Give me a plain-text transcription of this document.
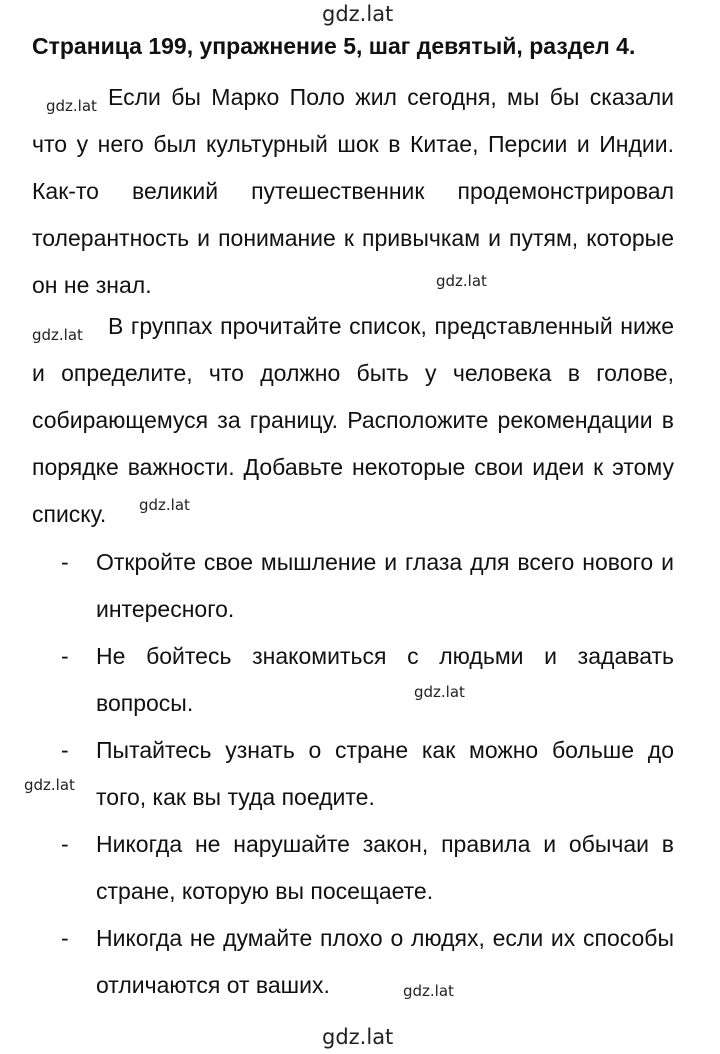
gdz.lat
Страница 199, упражнение 5, шаг девятый, раздел 4.
Если бы Марко Поло жил сегодня, мы бы сказали что у него был культурный шок в Китае, Персии и Индии. Как-то великий путешественник продемонстрировал толерантность и понимание к привычкам и путям, которые он не знал.
В группах прочитайте список, представленный ниже и определите, что должно быть у человека в голове, собирающемуся за границу. Расположите рекомендации в порядке важности. Добавьте некоторые свои идеи к этому списку.
- Откройте свое мышление и глаза для всего нового и интересного.
- Не бойтесь знакомиться с людьми и задавать вопросы.
- Пытайтесь узнать о стране как можно больше до того, как вы туда поедите.
- Никогда не нарушайте закон, правила и обычаи в стране, которую вы посещаете.
- Никогда не думайте плохо о людях, если их способы отличаются от ваших.
gdz.lat
gdz.lat
gdz.lat
gdz.lat
gdz.lat
gdz.lat
gdz.lat
gdz.lat
